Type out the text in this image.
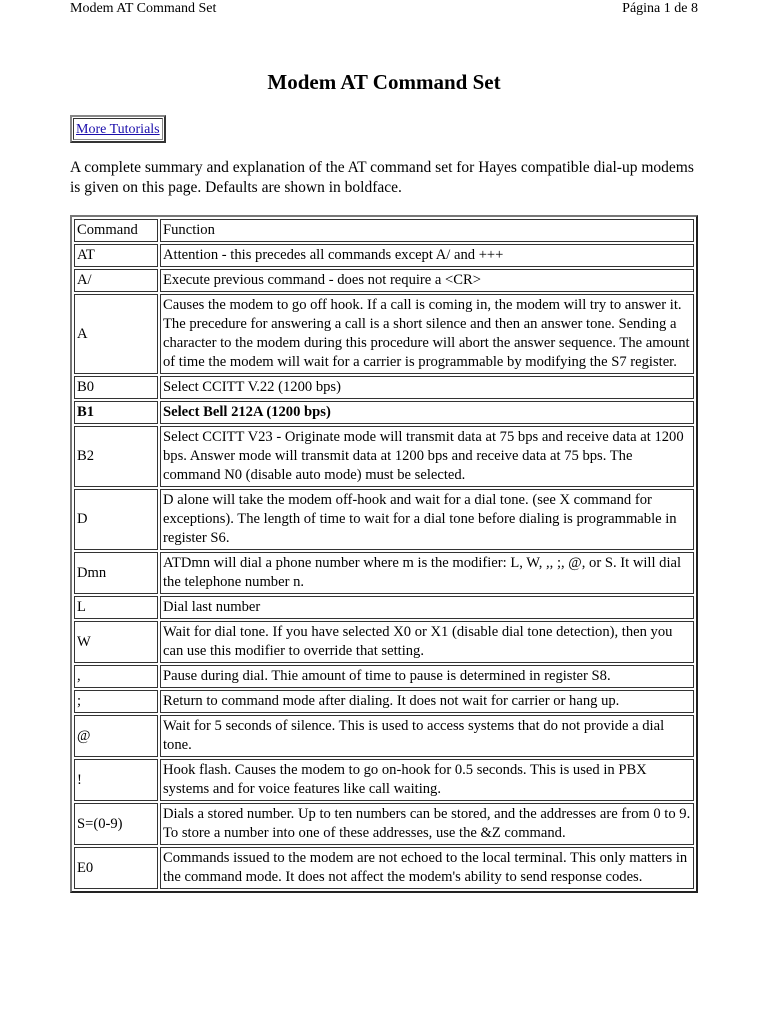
Modem AT Command Set	Página 1 de 8
Modem AT Command Set
More Tutorials

A complete summary and explanation of the AT command set for Hayes compatible dial-up modems is given on this page. Defaults are shown in boldface.

Command	Function
AT	Attention - this precedes all commands except A/ and +++
A/	Execute previous command - does not require a <CR>
A	Causes the modem to go off hook. If a call is coming in, the modem will try to answer it. The precedure for answering a call is a short silence and then an answer tone. Sending a character to the modem during this procedure will abort the answer sequence. The amount of time the modem will wait for a carrier is programmable by modifying the S7 register.
B0	Select CCITT V.22 (1200 bps)
B1	Select Bell 212A (1200 bps)
B2	Select CCITT V23 - Originate mode will transmit data at 75 bps and receive data at 1200 bps. Answer mode will transmit data at 1200 bps and receive data at 75 bps. The command N0 (disable auto mode) must be selected.
D	D alone will take the modem off-hook and wait for a dial tone. (see X command for exceptions). The length of time to wait for a dial tone before dialing is programmable in register S6.
Dmn	ATDmn will dial a phone number where m is the modifier: L, W, ,, ;, @, or S. It will dial the telephone number n.
L	Dial last number
W	Wait for dial tone. If you have selected X0 or X1 (disable dial tone detection), then you can use this modifier to override that setting.
,	Pause during dial. Thie amount of time to pause is determined in register S8.
;	Return to command mode after dialing. It does not wait for carrier or hang up.
@	Wait for 5 seconds of silence. This is used to access systems that do not provide a dial tone.
!	Hook flash. Causes the modem to go on-hook for 0.5 seconds. This is used in PBX systems and for voice features like call waiting.
S=(0-9)	Dials a stored number. Up to ten numbers can be stored, and the addresses are from 0 to 9. To store a number into one of these addresses, use the &Z command.
E0	Commands issued to the modem are not echoed to the local terminal. This only matters in the command mode. It does not affect the modem's ability to send response codes.
